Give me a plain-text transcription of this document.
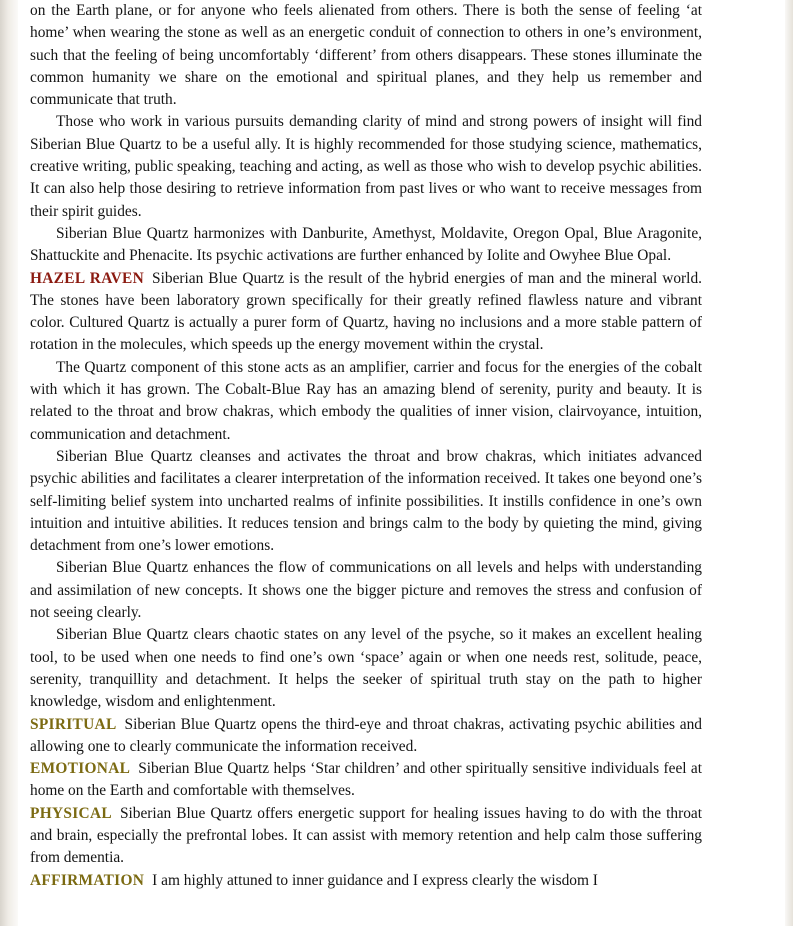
on the Earth plane, or for anyone who feels alienated from others. There is both the sense of feeling ‘at home’ when wearing the stone as well as an energetic conduit of connection to others in one’s environment, such that the feeling of being uncomfortably ‘different’ from others disappears. These stones illuminate the common humanity we share on the emotional and spiritual planes, and they help us remember and communicate that truth.

Those who work in various pursuits demanding clarity of mind and strong powers of insight will find Siberian Blue Quartz to be a useful ally. It is highly recommended for those studying science, mathematics, creative writing, public speaking, teaching and acting, as well as those who wish to develop psychic abilities. It can also help those desiring to retrieve information from past lives or who want to receive messages from their spirit guides.

Siberian Blue Quartz harmonizes with Danburite, Amethyst, Moldavite, Oregon Opal, Blue Aragonite, Shattuckite and Phenacite. Its psychic activations are further enhanced by Iolite and Owyhee Blue Opal.

HAZEL RAVEN Siberian Blue Quartz is the result of the hybrid energies of man and the mineral world. The stones have been laboratory grown specifically for their greatly refined flawless nature and vibrant color. Cultured Quartz is actually a purer form of Quartz, having no inclusions and a more stable pattern of rotation in the molecules, which speeds up the energy movement within the crystal.

The Quartz component of this stone acts as an amplifier, carrier and focus for the energies of the cobalt with which it has grown. The Cobalt-Blue Ray has an amazing blend of serenity, purity and beauty. It is related to the throat and brow chakras, which embody the qualities of inner vision, clairvoyance, intuition, communication and detachment.

Siberian Blue Quartz cleanses and activates the throat and brow chakras, which initiates advanced psychic abilities and facilitates a clearer interpretation of the information received. It takes one beyond one’s self-limiting belief system into uncharted realms of infinite possibilities. It instills confidence in one’s own intuition and intuitive abilities. It reduces tension and brings calm to the body by quieting the mind, giving detachment from one’s lower emotions.

Siberian Blue Quartz enhances the flow of communications on all levels and helps with understanding and assimilation of new concepts. It shows one the bigger picture and removes the stress and confusion of not seeing clearly.

Siberian Blue Quartz clears chaotic states on any level of the psyche, so it makes an excellent healing tool, to be used when one needs to find one’s own ‘space’ again or when one needs rest, solitude, peace, serenity, tranquillity and detachment. It helps the seeker of spiritual truth stay on the path to higher knowledge, wisdom and enlightenment.

SPIRITUAL Siberian Blue Quartz opens the third-eye and throat chakras, activating psychic abilities and allowing one to clearly communicate the information received.

EMOTIONAL Siberian Blue Quartz helps ‘Star children’ and other spiritually sensitive individuals feel at home on the Earth and comfortable with themselves.

PHYSICAL Siberian Blue Quartz offers energetic support for healing issues having to do with the throat and brain, especially the prefrontal lobes. It can assist with memory retention and help calm those suffering from dementia.

AFFIRMATION I am highly attuned to inner guidance and I express clearly the wisdom I
